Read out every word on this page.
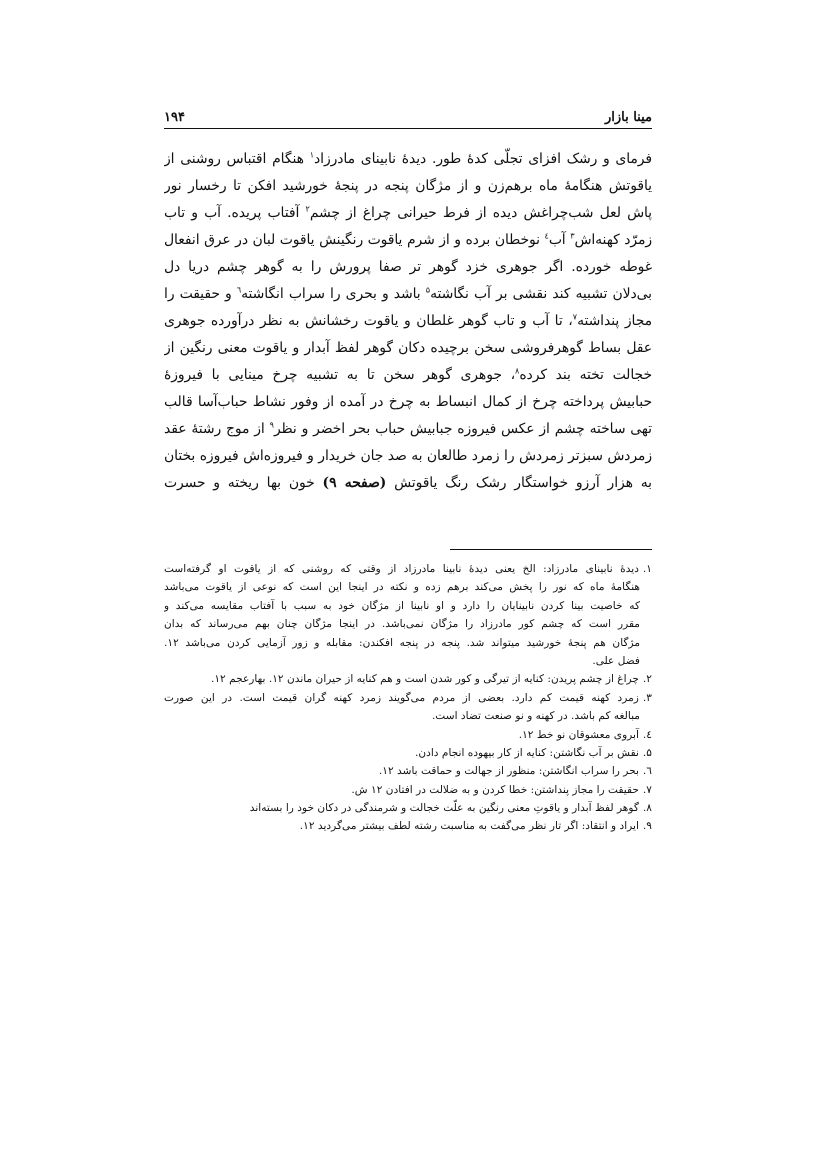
۱۹۴	مینا بازار
فرمای و رشک افزای تجلّی کدۀ طور. دیدۀ نابینای مادرزاد$^۱$ هنگام اقتباس روشنی از
یاقوتش هنگامۀ ماه برهم‌زن و از مژگان پنجه در پنجۀ خورشید افکن تا رخسار نور
پاش لعل شب‌چراغش دیده از فرط حیرانی چراغ از چشم$^۲$ آفتاب پریده. آب و تاب
زمرّد کهنه‌اش$^۳$ آب$^٤$ نوخطان برده و از شرم یاقوت رنگینش یاقوت لبان در عرق انفعال
غوطه خورده. اگر جوهری خزد گوهر تر صفا پرورش را به گوهر چشم دریا دل
بی‌دلان تشبیه کند نقشی بر آب نگاشته$^۵$ باشد و بحری را سراب انگاشته$^٦$ و حقیقت را
مجاز پنداشته$^۷$، تا آب و تاب گوهر غلطان و یاقوت رخشانش به نظر درآورده جوهری
عقل بساط گوهرفروشی سخن برچیده دکان گوهر لفظ آبدار و یاقوت معنی رنگین از
خجالت تخته بند کرده$^۸$، جوهری گوهر سخن تا به تشبیه چرخ مینایی با فیروزۀ
حبابیش پرداخته چرخ از کمال انبساط به چرخ در آمده از وفور نشاط حباب‌آسا قالب
تهی ساخته چشم از عکس فیروزه جبابیش حباب بحر اخضر و نظر$^۹$ از موج رشتۀ عقد
زمردش سبزتر زمردش را زمرد طالعان به صد جان خریدار و فیروزه‌اش فیروزه بختان
به هزار آرزو خواستگار رشک رنگ یاقوتش (صفحه ۹) خون بها ریخته و حسرت
۱.دیدۀ نابینای مادرزاد: الخ یعنی دیدۀ نابینا مادرزاد از وقتی که روشنی که از یاقوت او گرفته‌است
هنگامۀ ماه که نور را پخش می‌کند برهم زده و نکته در اینجا این است که نوعی از یاقوت می‌باشد
که خاصیت بینا کردن نابینایان را دارد و او نابینا از مژگان خود به سبب با آفتاب مقایسه می‌کند و
مقرر است که چشم کور مادرزاد را مژگان نمی‌باشد. در اینجا مژگان چنان بهم می‌رساند که بدان
مژگان هم پنجۀ خورشید میتواند شد. پنجه در پنجه افکندن: مقابله و زور آزمایی کردن می‌باشد ۱۲.
فضل علی.
۲.چراغ از چشم پریدن: کنایه از تیرگی و کور شدن است و هم کنایه از حیران ماندن ۱۲. بهارعجم ۱۲.
۳.زمرد کهنه قیمت کم دارد. بعضی از مردم می‌گویند زمرد کهنه گران قیمت است. در این صورت
مبالغه کم باشد. در کهنه و نو صنعت تضاد است.
٤.آبروی معشوقان نو خط ۱۲.
۵.نقش بر آب نگاشتن: کنایه از کار بیهوده انجام دادن.
٦.بحر را سراب انگاشتن: منظور از جهالت و حماقت باشد ۱۲.
۷.حقیقت را مجاز پنداشتن: خطا کردن و به ضلالت در افتادن ۱۲ ش.
۸.گوهر لفظ آبدار و یاقوتِ معنی رنگین به علّت خجالت و شرمندگی در دکان خود را بسته‌اند
۹.ایراد و انتقاد: اگر تار نظر می‌گفت به مناسبت رشته لطف بیشتر می‌گردید ۱۲.
